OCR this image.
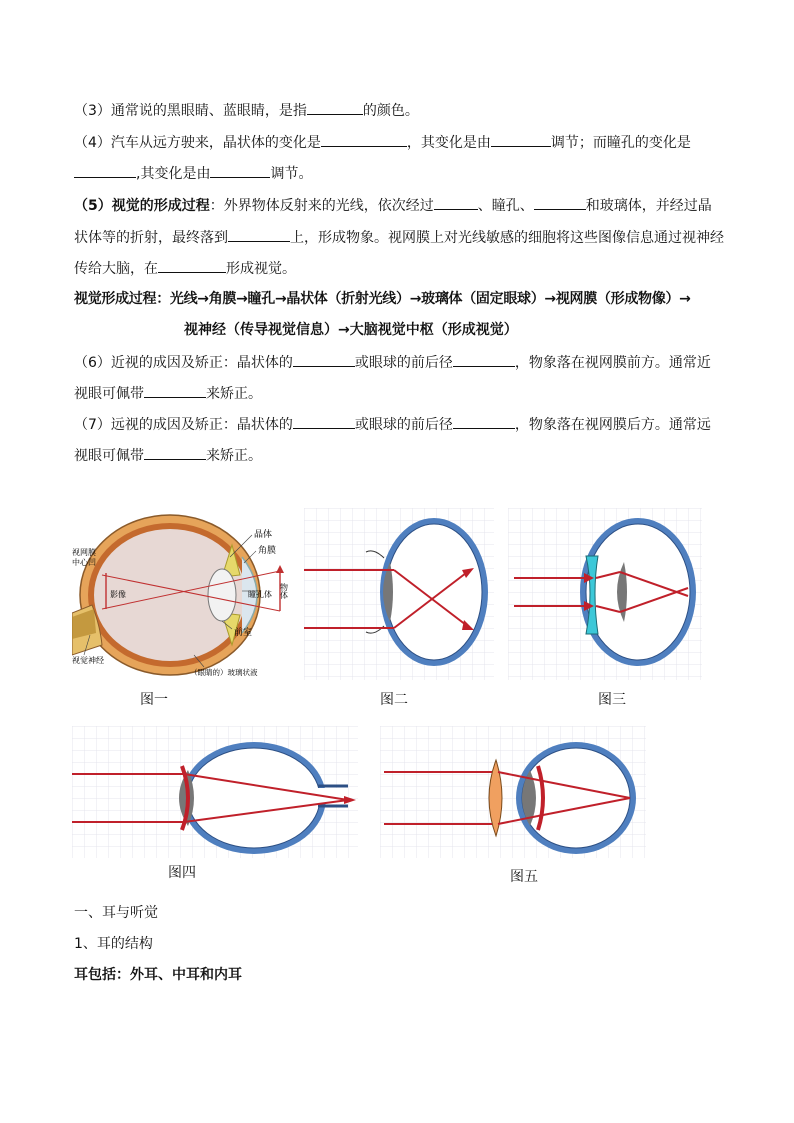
（3）通常说的黑眼睛、蓝眼睛，是指	的颜色。
（4）汽车从远方驶来，晶状体的变化是	，其变化是由	调节；而瞳孔的变化是
,其变化是由	调节。
（5）视觉的形成过程：外界物体反射来的光线，依次经过	、瞳孔、	和玻璃体，并经过晶
状体等的折射，最终落到	上，形成物象。视网膜上对光线敏感的细胞将这些图像信息通过视神经
传给大脑，在	形成视觉。
视觉形成过程：光线→角膜→瞳孔→晶状体（折射光线）→玻璃体（固定眼球）→视网膜（形成物像）→
视神经（传导视觉信息）→大脑视觉中枢（形成视觉）
（6）近视的成因及矫正：晶状体的	或眼球的前后径	，物象落在视网膜前方。通常近
视眼可佩带	来矫正。
（7）远视的成因及矫正：晶状体的	或眼球的前后径	，物象落在视网膜后方。通常远
视眼可佩带	来矫正。
晶体
角膜
视网膜
中心凹
影像	瞳孔体 物体
前室
视觉神经
（眼睛的）玻璃状液
图一	图二	图三
图四	图五
一、耳与听觉
1、耳的结构
耳包括：外耳、中耳和内耳
